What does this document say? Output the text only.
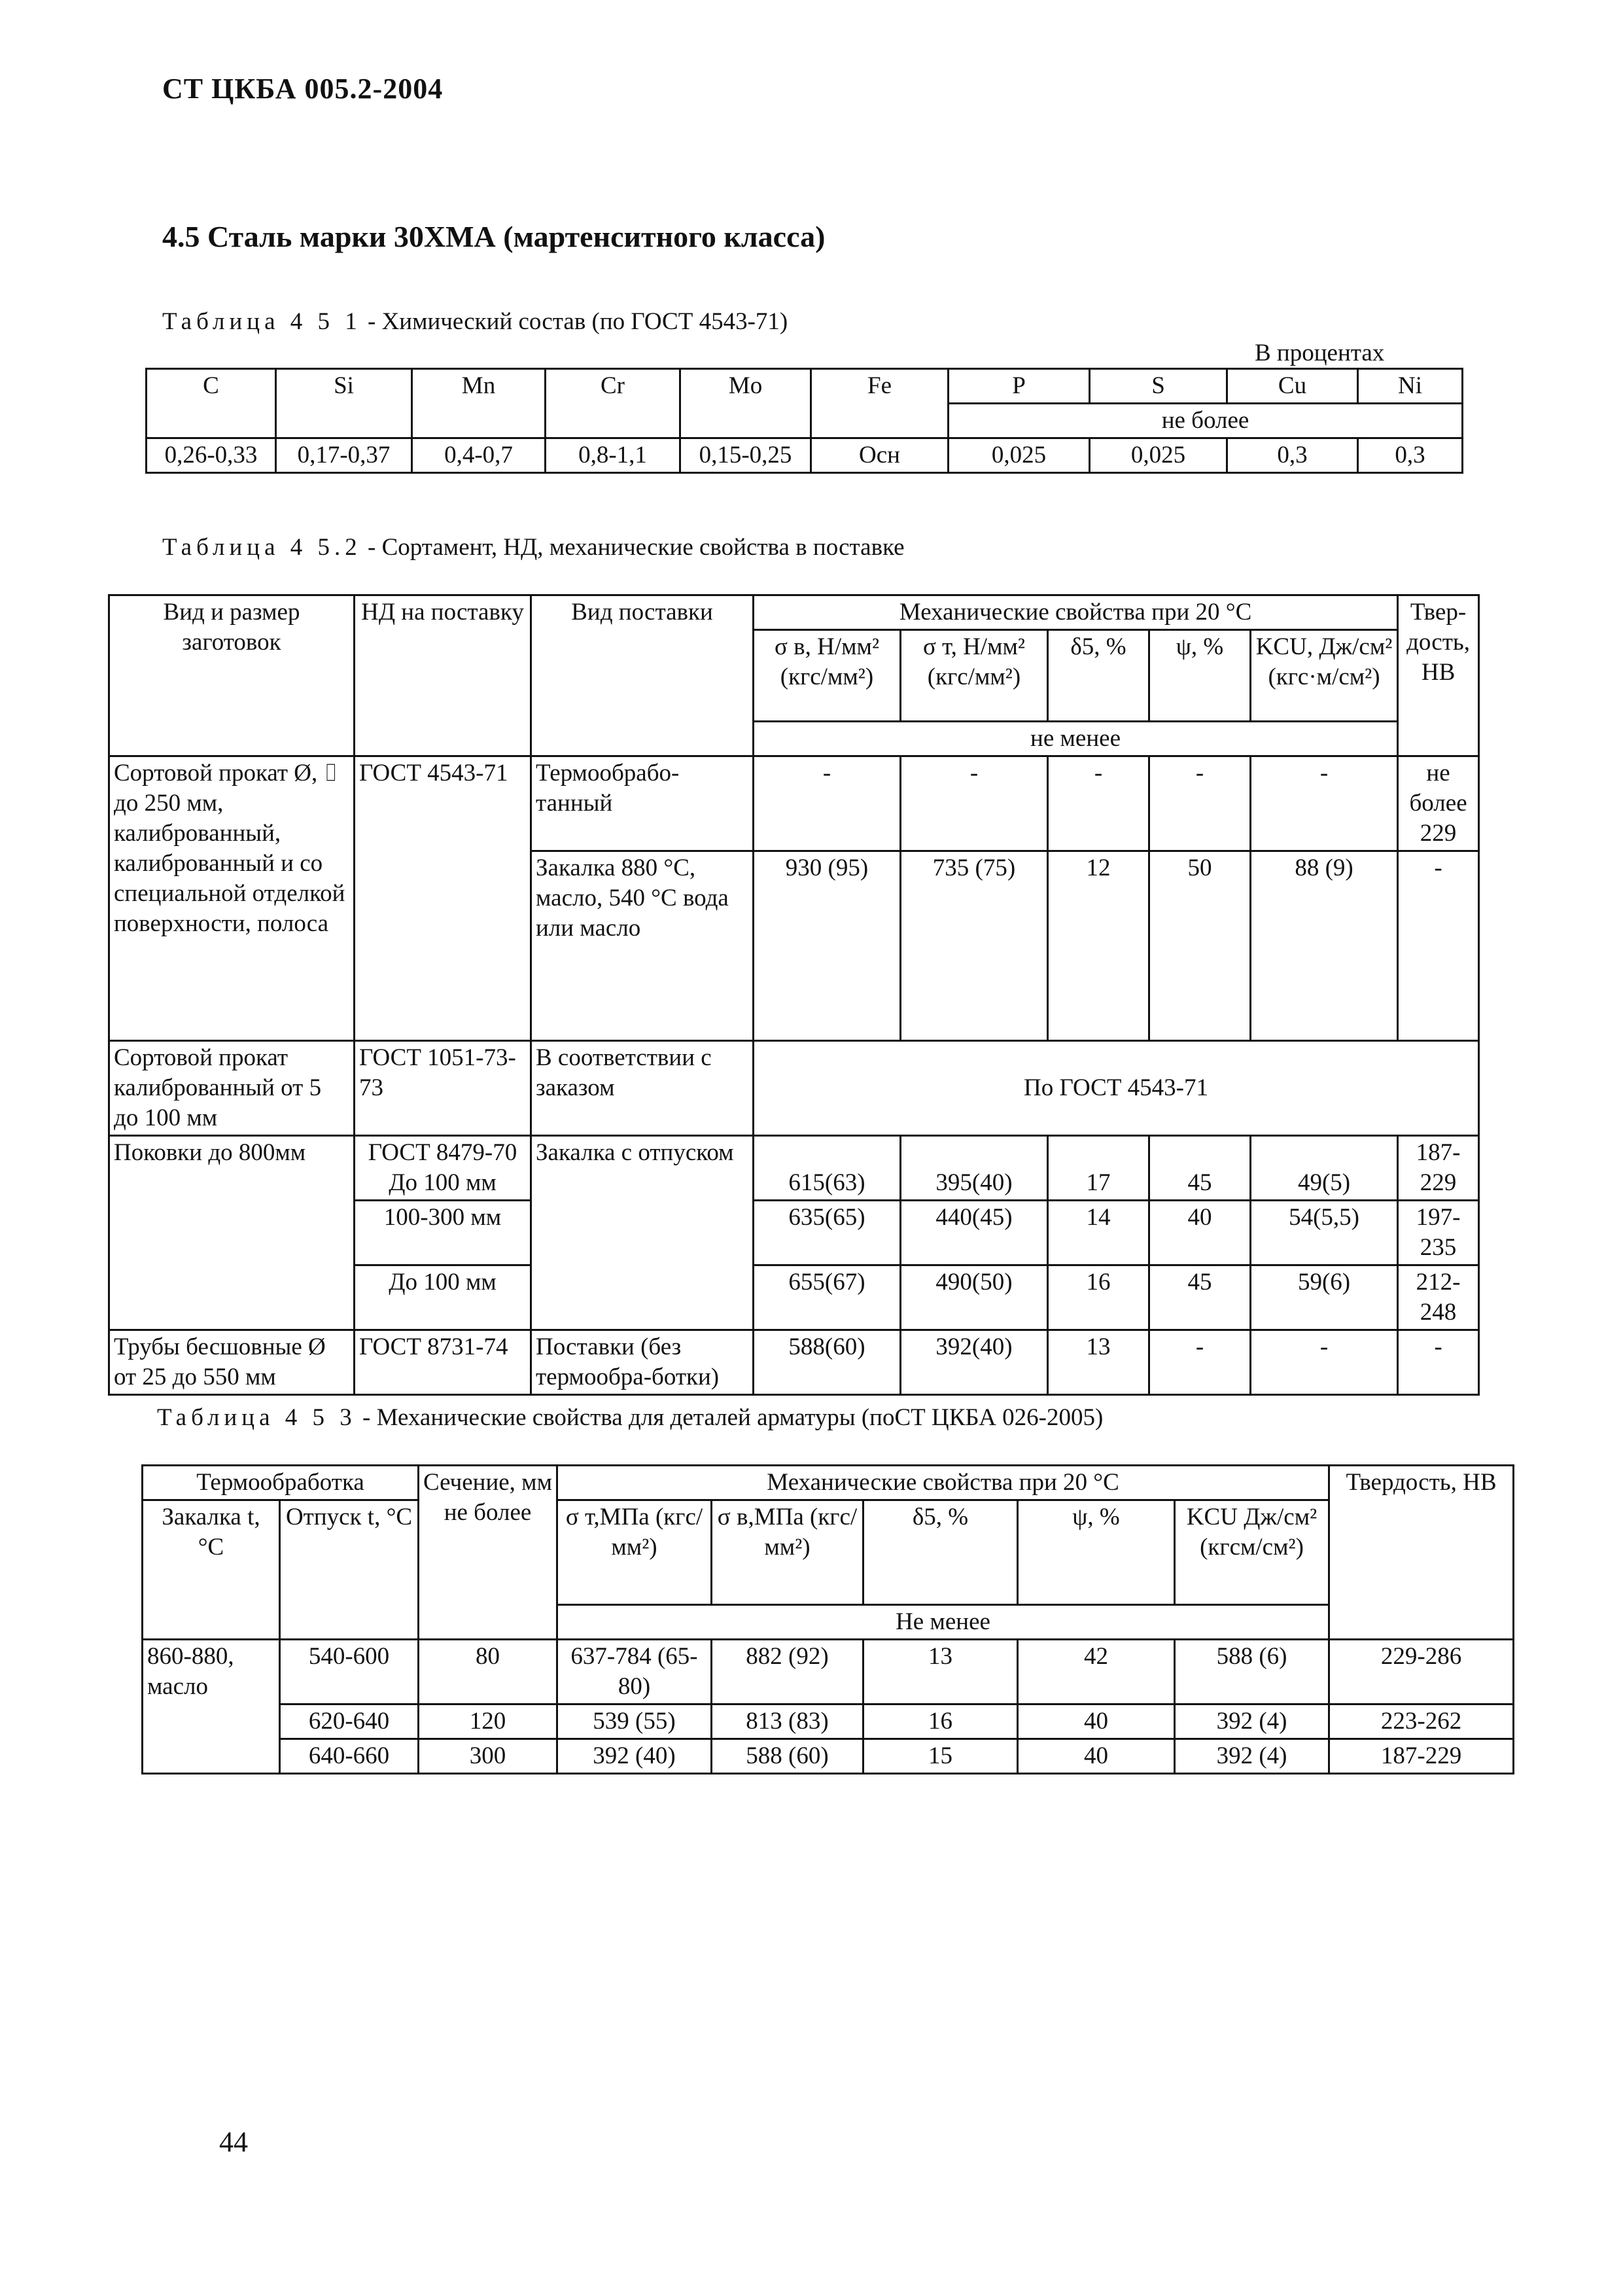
СТ ЦКБА 005.2-2004
4.5 Сталь марки 30ХМА (мартенситного класса)
Таблица 4 5 1 - Химический состав (по ГОСТ 4543-71)
В процентах
C	Si	Mn	Cr	Mo	Fe	P	S	Cu	Ni
						не более			
0,26-0,33	0,17-0,37	0,4-0,7	0,8-1,1	0,15-0,25	Осн	0,025	0,025	0,3	0,3
Таблица 4 5.2 - Сортамент, НД, механические свойства в поставке
Вид и размер заготовок	НД на поставку	Вид поставки	Механические свойства при 20 °C					Твер-дость, НВ
			σ в, Н/мм² (кгс/мм²)	σ т, Н/мм² (кгс/мм²)	δ5, %	ψ, %	KCU, Дж/см² (кгс·м/см²)	
			не менее					
Сортовой прокат Ø, ⌷ до 250 мм, калиброванный, калиброванный и со специальной отделкой поверхности, полоса	ГОСТ 4543-71	Термообрабо-танный	-	-	-	-	-	не более 229
		Закалка 880 °C, масло, 540 °C вода или масло	930 (95)	735 (75)	12	50	88 (9)	-
Сортовой прокат калиброванный от 5 до 100 мм	ГОСТ 1051-73-73	В соответствии с заказом	По ГОСТ 4543-71					
Поковки до 800мм	ГОСТ 8479-70 До 100 мм	Закалка с отпуском	615(63)	395(40)	17	45	49(5)	187-229
	100-300 мм		635(65)	440(45)	14	40	54(5,5)	197-235
	До 100 мм		655(67)	490(50)	16	45	59(6)	212-248
Трубы бесшовные Ø от 25 до 550 мм	ГОСТ 8731-74	Поставки (без термообра-ботки)	588(60)	392(40)	13	-	-	-
Таблица 4 5 3 - Механические свойства для деталей арматуры (поСТ ЦКБА 026-2005)
Термообработка		Сечение, мм не более	Механические свойства при 20 °C					Твердость, НВ
Закалка t, °C	Отпуск t, °C		σ т,МПа (кгс/мм²)	σ в,МПа (кгс/мм²)	δ5, %	ψ, %	KCU Дж/см² (кгсм/см²)	
			Не менее					
860-880, масло	540-600	80	637-784 (65-80)	882 (92)	13	42	588 (6)	229-286
	620-640	120	539 (55)	813 (83)	16	40	392 (4)	223-262
	640-660	300	392 (40)	588 (60)	15	40	392 (4)	187-229
44
